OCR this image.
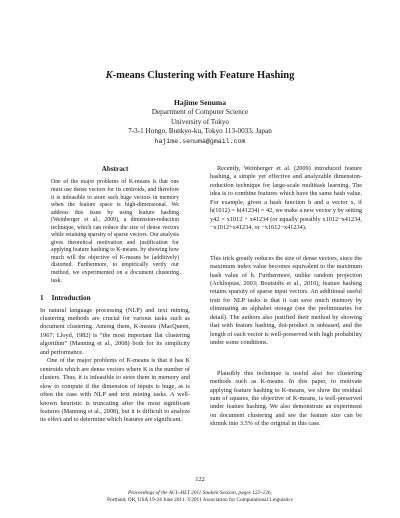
K-means Clustering with Feature Hashing
Hajime Senuma
Department of Computer Science
University of Tokyo
7-3-1 Hongo, Bunkyo-ku, Tokyo 113-0033, Japan
hajime.senuma@gmail.com
Abstract

One of the major problems of K-means is that one must use dense vectors for its centroids, and therefore it is infeasible to store such huge vectors in memory when the feature space is high-dimensional. We address this issue by using feature hashing (Weinberger et al., 2009), a dimension-reduction technique, which can reduce the size of dense vectors while retaining sparsity of sparse vectors. Our analysis gives theoretical motivation and justification for applying feature hashing to K-means, by showing how much will the objective of K-means be (additively) distorted. Furthermore, to empirically verify our method, we experimented on a document clustering task.

1 Introduction

In natural language processing (NLP) and text mining, clustering methods are crucial for various tasks such as document clustering. Among them, K-means (MacQueen, 1967; Lloyd, 1982) is “the most important flat clustering algorithm” (Manning et al., 2008) both for its simplicity and performance.

One of the major problems of K-means is that it has K centroids which are dense vectors where K is the number of clusters. Thus, it is infeasible to store them in memory and slow to compute if the dimension of inputs is huge, as is often the case with NLP and text mining tasks. A well-known heuristic is truncating after the most significant features (Manning et al., 2008), but it is difficult to analyze its effect and to determine which features are significant.

Recently, Weinberger et al. (2009) introduced feature hashing, a simple yet effective and analyzable dimension-reduction technique for large-scale multitask learning. The idea is to combine features which have the same hash value. For example, given a hash function h and a vector x, if h(1012) = h(41234) = 42, we make a new vector y by setting y42 = x1012 + x41234 (or equally possibly x1012−x41234, −x1012+x41234, or −x1012−x41234).

This trick greatly reduces the size of dense vectors, since the maximum index value becomes equivalent to the maximum hash value of h. Furthermore, unlike random projection (Achlioptas, 2003; Boutsidis et al., 2010), feature hashing retains sparsity of sparse input vectors. An additional useful trait for NLP tasks is that it can save much memory by eliminating an alphabet storage (see the preliminaries for detail). The authors also justified their method by showing that with feature hashing, dot-product is unbiased, and the length of each vector is well-preserved with high probability under some conditions.

Plausibly this technique is useful also for clustering methods such as K-means. In this paper, to motivate applying feature hashing to K-means, we show the residual sum of squares, the objective of K-means, is well-preserved under feature hashing. We also demonstrate an experiment on document clustering and see the feature size can be shrunk into 3.5% of the original in this case.

122
Proceedings of the ACL-HLT 2011 Student Session, pages 122–126,
Portland, OR, USA 19-24 June 2011. ©2011 Association for Computational Linguistics
